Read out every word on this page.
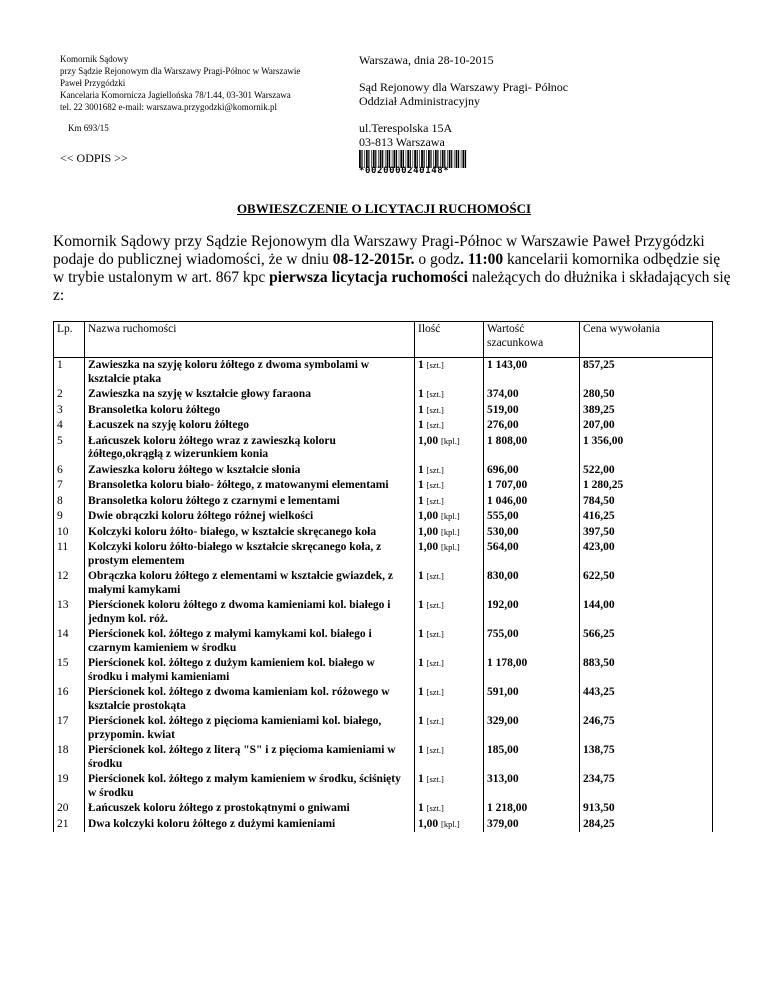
Komornik Sądowy
przy Sądzie Rejonowym dla Warszawy Pragi-Północ w Warszawie
Paweł Przygódzki
Kancelaria Komornicza Jagiellońska 78/1.44, 03-301 Warszawa
tel. 22 3001682 e-mail: warszawa.przygodzki@komornik.pl
Km 693/15
<< ODPIS >>
Warszawa, dnia 28-10-2015
Sąd Rejonowy dla Warszawy Pragi- Północ
Oddział Administracyjny
ul.Terespolska 15A
03-813 Warszawa
*0020000240148*
OBWIESZCZENIE O LICYTACJI RUCHOMOŚCI
Komornik Sądowy przy Sądzie Rejonowym dla Warszawy Pragi-Północ w Warszawie Paweł Przygódzki podaje do publicznej wiadomości, że w dniu 08-12-2015r. o godz. 11:00 kancelarii komornika odbędzie się w trybie ustalonym w art. 867 kpc pierwsza licytacja ruchomości należących do dłużnika i składających się z:
Lp.	Nazwa ruchomości	Ilość	Wartość szacunkowa	Cena wywołania
1	Zawieszka na szyję koloru żółtego z dwoma symbolami w kształcie ptaka	1 [szt.]	1 143,00	857,25
2	Zawieszka na szyję w kształcie głowy faraona	1 [szt.]	374,00	280,50
3	Bransoletka koloru żółtego	1 [szt.]	519,00	389,25
4	Łacuszek na szyję koloru żółtego	1 [szt.]	276,00	207,00
5	Łańcuszek koloru żółtego wraz z zawieszką koloru żółtego,okrągłą z wizerunkiem konia	1,00 [kpl.]	1 808,00	1 356,00
6	Zawieszka koloru żółtego w kształcie słonia	1 [szt.]	696,00	522,00
7	Bransoletka koloru biało- żółtego, z matowanymi elementami	1 [szt.]	1 707,00	1 280,25
8	Bransoletka koloru żółtego z czarnymi e lementami	1 [szt.]	1 046,00	784,50
9	Dwie obrączki koloru żółtego różnej wielkości	1,00 [kpl.]	555,00	416,25
10	Kolczyki koloru żółto- białego, w kształcie skręcanego koła	1,00 [kpl.]	530,00	397,50
11	Kolczyki koloru żółto-białego w kształcie skręcanego koła, z prostym elementem	1,00 [kpl.]	564,00	423,00
12	Obrączka koloru żółtego z elementami w kształcie gwiazdek, z małymi kamykami	1 [szt.]	830,00	622,50
13	Pierścionek koloru żółtego z dwoma kamieniami kol. białego i jednym kol. róż.	1 [szt.]	192,00	144,00
14	Pierścionek kol. żółtego z małymi kamykami kol. białego i czarnym kamieniem w środku	1 [szt.]	755,00	566,25
15	Pierścionek kol. żółtego z dużym kamieniem kol. białego w środku i małymi kamieniami	1 [szt.]	1 178,00	883,50
16	Pierścionek kol. żółtego z dwoma kamieniam kol. różowego w kształcie prostokąta	1 [szt.]	591,00	443,25
17	Pierścionek kol. żółtego z pięcioma kamieniami kol. białego, przypomin. kwiat	1 [szt.]	329,00	246,75
18	Pierścionek kol. żółtego z literą "S" i z pięcioma kamieniami w środku	1 [szt.]	185,00	138,75
19	Pierścionek kol. żółtego z małym kamieniem w środku, ściśnięty w środku	1 [szt.]	313,00	234,75
20	Łańcuszek koloru żółtego z prostokątnymi o gniwami	1 [szt.]	1 218,00	913,50
21	Dwa kolczyki koloru żółtego z dużymi kamieniami	1,00 [kpl.]	379,00	284,25
